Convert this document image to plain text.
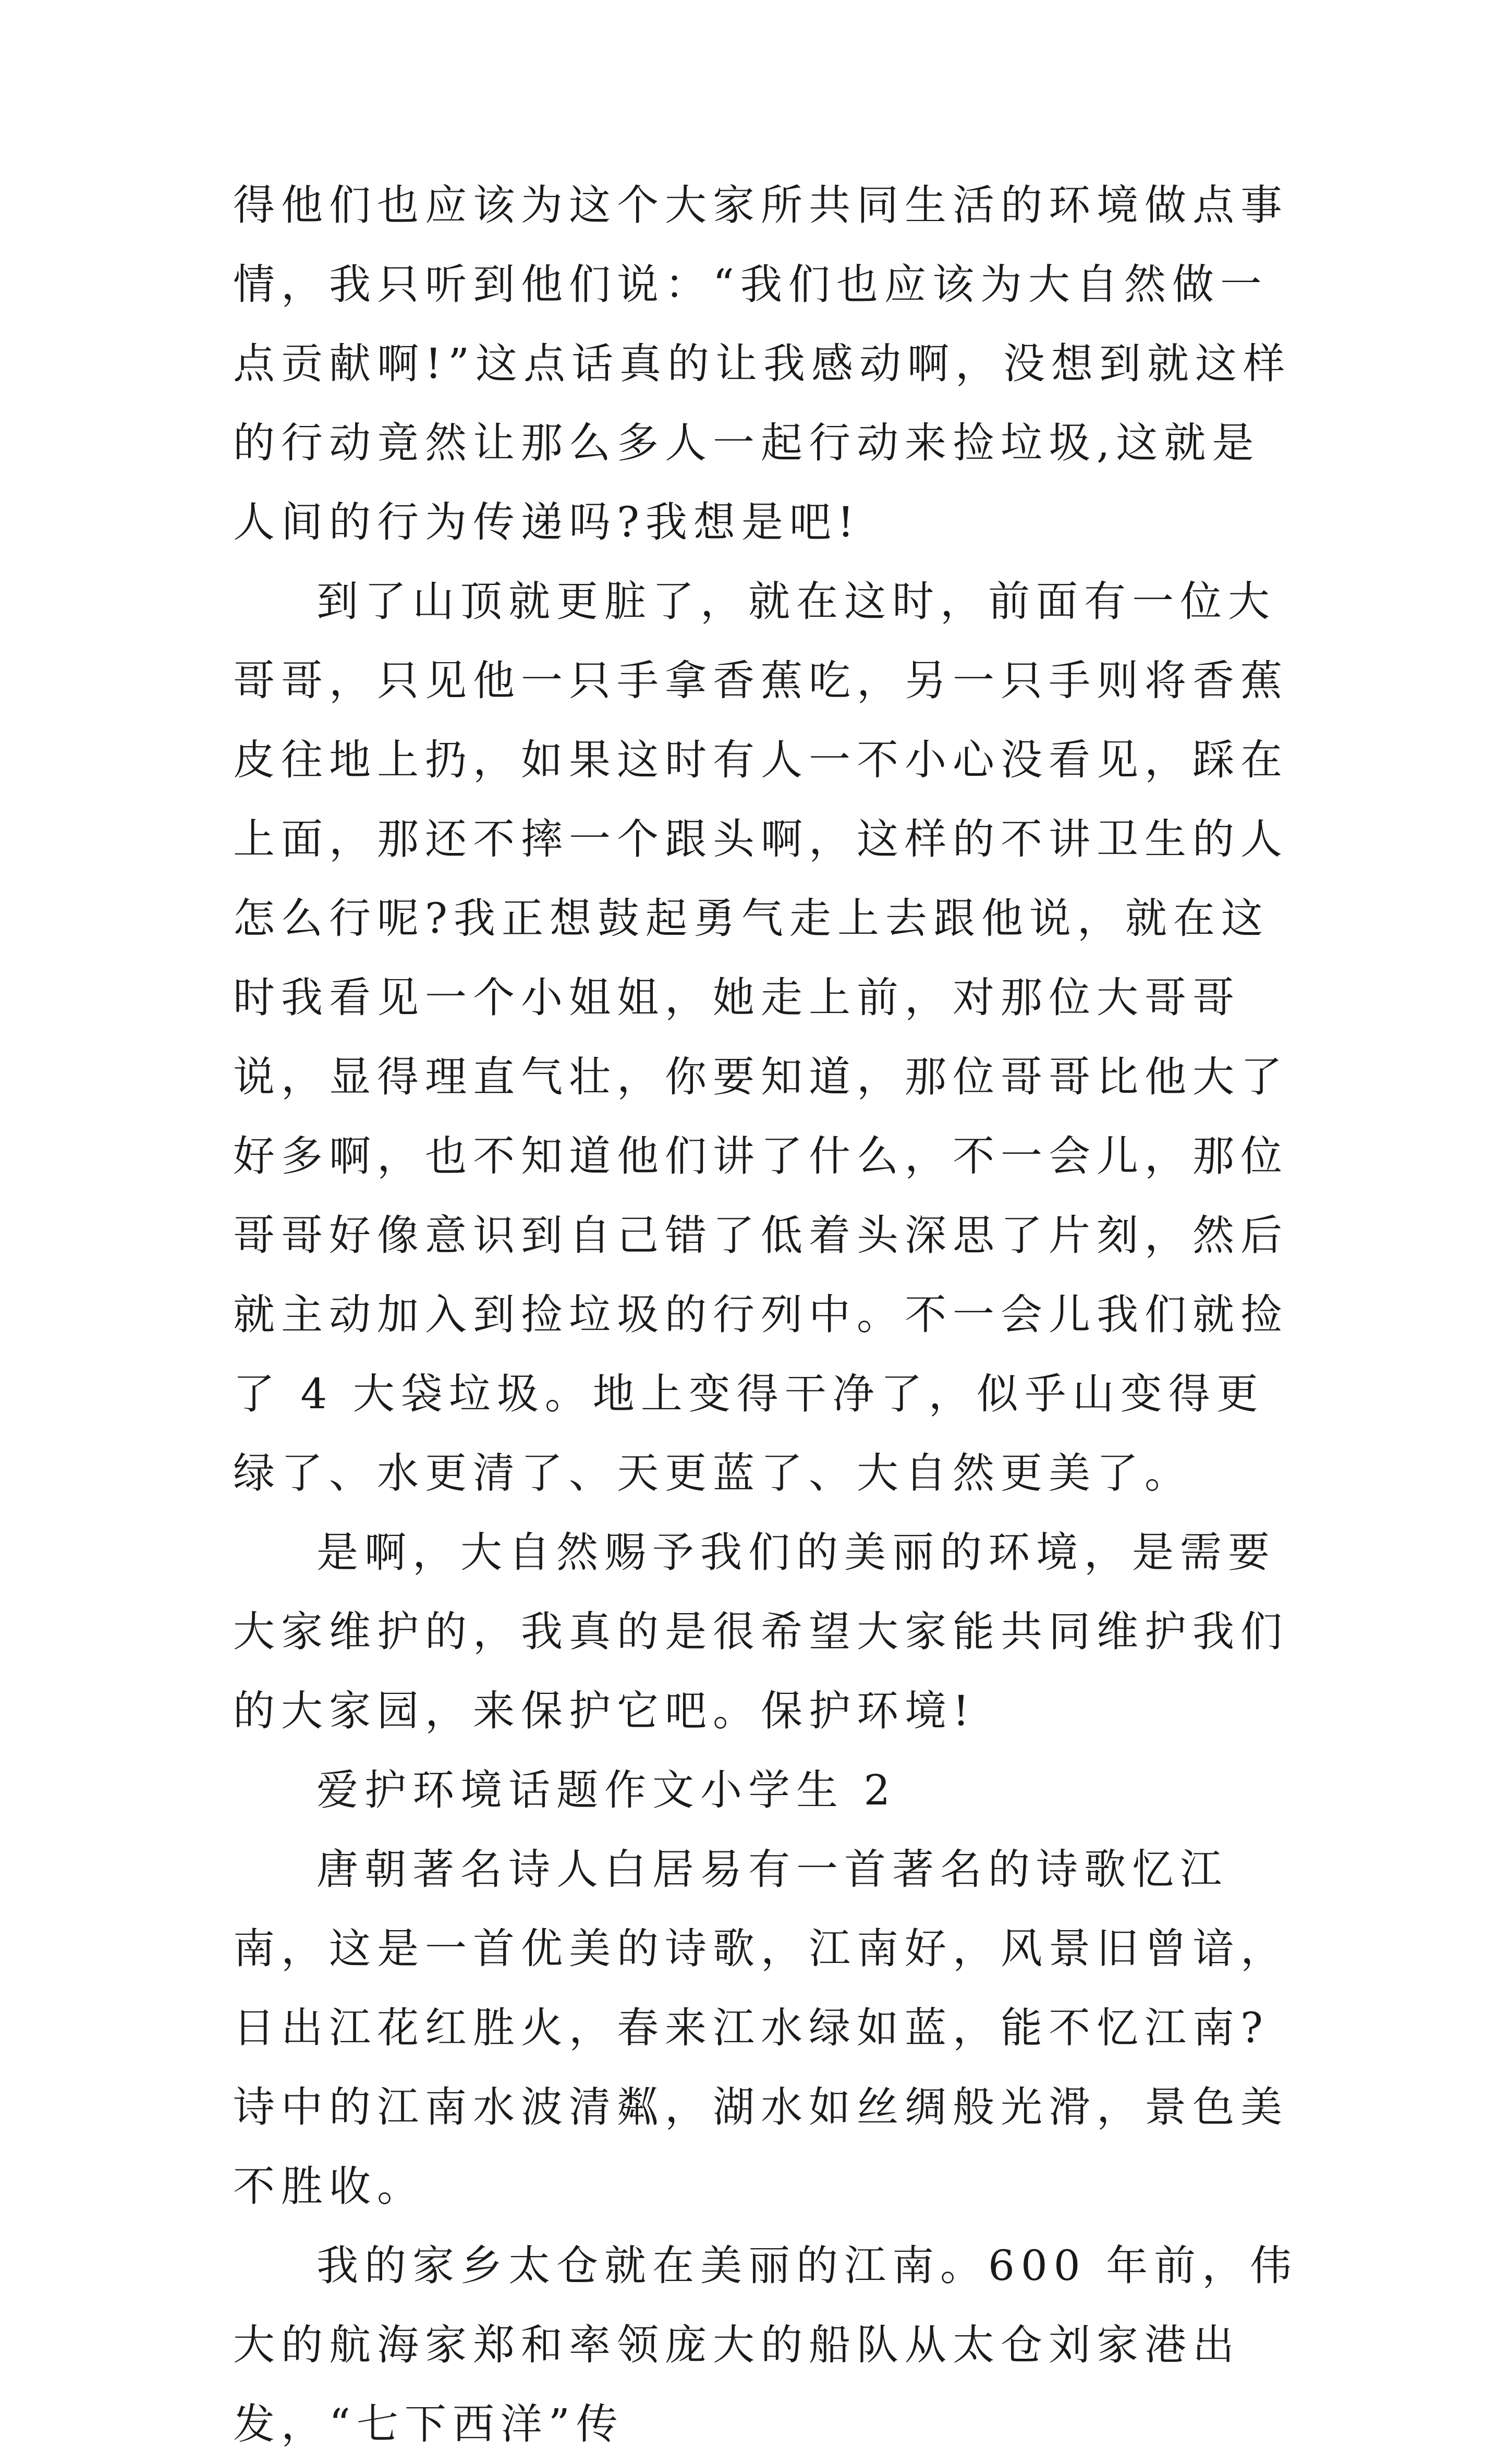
得他们也应该为这个大家所共同生活的环境做点事情，我只听到他们说：“我们也应该为大自然做一点贡献啊!”这点话真的让我感动啊，没想到就这样的行动竟然让那么多人一起行动来捡垃圾,这就是人间的行为传递吗?我想是吧!

到了山顶就更脏了，就在这时，前面有一位大哥哥，只见他一只手拿香蕉吃，另一只手则将香蕉皮往地上扔，如果这时有人一不小心没看见，踩在上面，那还不摔一个跟头啊，这样的不讲卫生的人怎么行呢?我正想鼓起勇气走上去跟他说，就在这时我看见一个小姐姐，她走上前，对那位大哥哥说，显得理直气壮，你要知道，那位哥哥比他大了好多啊，也不知道他们讲了什么，不一会儿，那位哥哥好像意识到自己错了低着头深思了片刻，然后就主动加入到捡垃圾的行列中。不一会儿我们就捡了 4 大袋垃圾。地上变得干净了，似乎山变得更绿了、水更清了、天更蓝了、大自然更美了。

是啊，大自然赐予我们的美丽的环境，是需要大家维护的，我真的是很希望大家能共同维护我们的大家园，来保护它吧。保护环境!

爱护环境话题作文小学生 2

唐朝著名诗人白居易有一首著名的诗歌忆江南，这是一首优美的诗歌，江南好，风景旧曾谙，日出江花红胜火，春来江水绿如蓝，能不忆江南?诗中的江南水波清粼，湖水如丝绸般光滑，景色美不胜收。

我的家乡太仓就在美丽的江南。600 年前，伟大的航海家郑和率领庞大的船队从太仓刘家港出发，“七下西洋”传
